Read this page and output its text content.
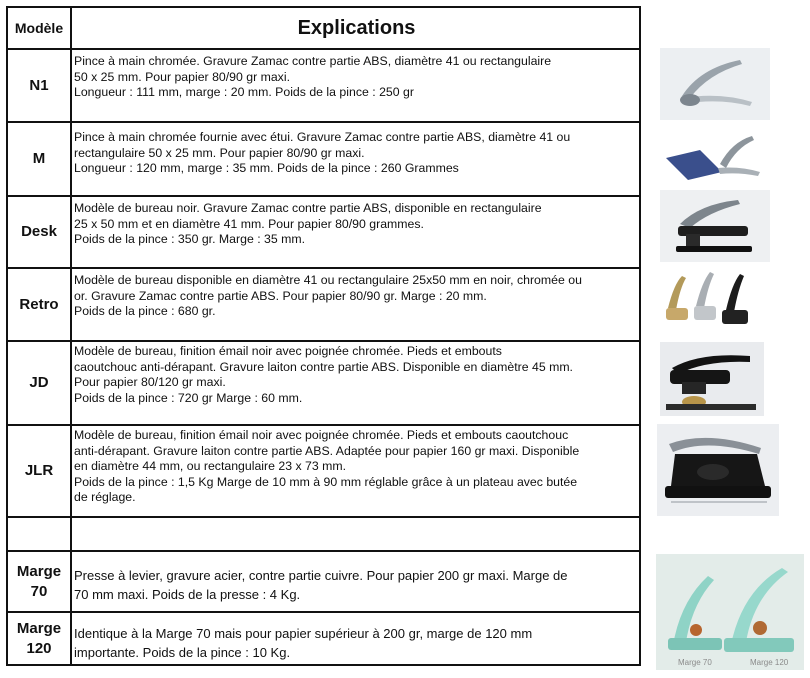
Modèle	Explications
N1
Pince à main chromée. Gravure Zamac contre partie ABS, diamètre 41 ou rectangulaire
50 x 25 mm. Pour papier 80/90 gr maxi.
Longueur : 111 mm, marge : 20 mm. Poids de la pince : 250 gr
M
Pince à main chromée fournie avec étui. Gravure Zamac contre partie ABS, diamètre 41 ou
rectangulaire 50 x 25 mm. Pour papier 80/90 gr maxi.
Longueur : 120 mm, marge : 35 mm. Poids de la pince : 260 Grammes
Desk
Modèle de bureau noir. Gravure Zamac contre partie ABS, disponible en rectangulaire
25 x 50 mm et en diamètre 41 mm. Pour papier 80/90 grammes.
Poids de la pince : 350 gr. Marge : 35 mm.
Retro
Modèle de bureau disponible en diamètre 41 ou rectangulaire 25x50 mm en noir, chromée ou
or. Gravure Zamac contre partie ABS. Pour papier 80/90 gr. Marge : 20 mm.
Poids de la pince : 680 gr.
JD
Modèle de bureau, finition émail noir avec poignée chromée. Pieds et embouts
caoutchouc anti-dérapant. Gravure laiton contre partie ABS. Disponible en diamètre 45 mm.
Pour papier 80/120 gr maxi.
Poids de la pince : 720 gr Marge : 60 mm.
JLR
Modèle de bureau, finition émail noir avec poignée chromée. Pieds et embouts caoutchouc
anti-dérapant. Gravure laiton contre partie ABS. Adaptée pour papier 160 gr maxi. Disponible
en diamètre 44 mm, ou rectangulaire 23 x 73 mm.
Poids de la pince : 1,5 Kg Marge de 10 mm à 90 mm réglable grâce à un plateau avec butée
de réglage.
Marge 70
Presse à levier, gravure acier, contre partie cuivre. Pour papier 200 gr maxi. Marge de
70 mm maxi. Poids de la presse : 4 Kg.
Marge
120
Identique à la Marge 70 mais pour papier supérieur à 200 gr, marge de 120 mm
importante. Poids de la pince : 10 Kg.
Marge 70	Marge 120
